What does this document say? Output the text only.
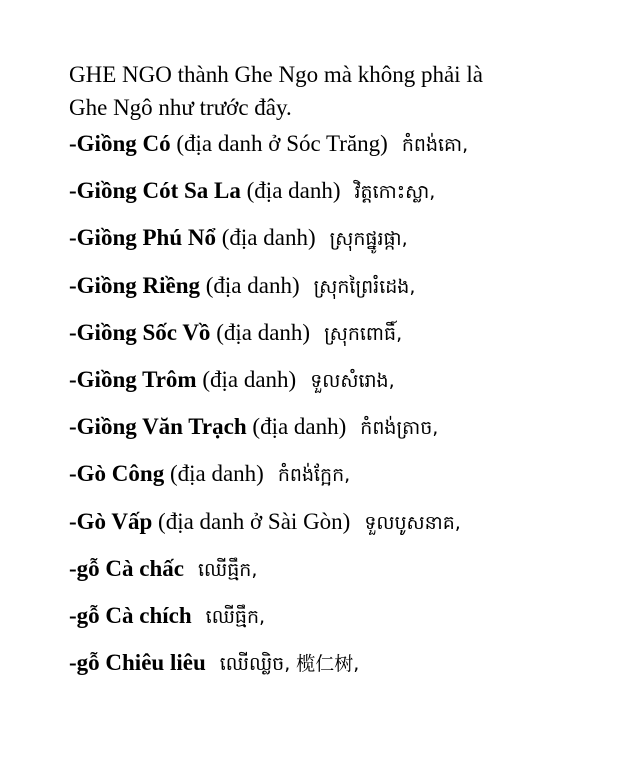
GHE NGO thành Ghe Ngo mà không phải là
Ghe Ngô như trước đây.
-Giồng Có (địa danh ở Sóc Trăng) កំពង់គោ,
-Giồng Cót Sa La (địa danh) វិត្តកោះស្លា,
-Giồng Phú Nổ (địa danh) ស្រុកផ្នូរផ្កា,
-Giồng Riềng (địa danh) ស្រុកព្រៃរំដេង,
-Giồng Sốc Vồ (địa danh) ស្រុកពោធិ៍,
-Giồng Trôm (địa danh) ទួលសំរោង,
-Giồng Văn Trạch (địa danh) កំពង់ត្រាច,
-Gò Công (địa danh) កំពង់ក្អែក,
-Gò Vấp (địa danh ở Sài Gòn) ទួលបូសនាគ,
-gỗ Cà chấc ឈើធ្មឹក,
-gỗ Cà chích ឈើធ្មឹក,
-gỗ Chiêu liêu ឈើឈ្លិច, 榄仁树,
